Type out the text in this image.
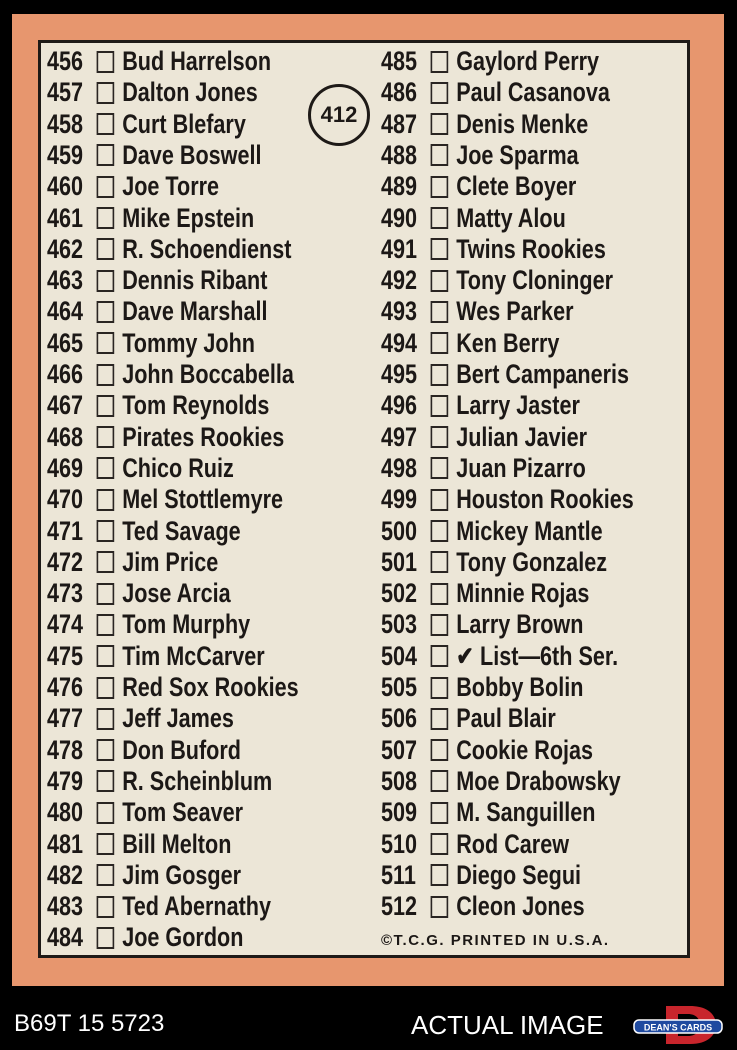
456	Bud Harrelson
457	Dalton Jones
458	Curt Blefary
459	Dave Boswell
460	Joe Torre
461	Mike Epstein
462	R. Schoendienst
463	Dennis Ribant
464	Dave Marshall
465	Tommy John
466	John Boccabella
467	Tom Reynolds
468	Pirates Rookies
469	Chico Ruiz
470	Mel Stottlemyre
471	Ted Savage
472	Jim Price
473	Jose Arcia
474	Tom Murphy
475	Tim McCarver
476	Red Sox Rookies
477	Jeff James
478	Don Buford
479	R. Scheinblum
480	Tom Seaver
481	Bill Melton
482	Jim Gosger
483	Ted Abernathy
484	Joe Gordon
485	Gaylord Perry
486	Paul Casanova
487	Denis Menke
488	Joe Sparma
489	Clete Boyer
490	Matty Alou
491	Twins Rookies
492	Tony Cloninger
493	Wes Parker
494	Ken Berry
495	Bert Campaneris
496	Larry Jaster
497	Julian Javier
498	Juan Pizarro
499	Houston Rookies
500	Mickey Mantle
501	Tony Gonzalez
502	Minnie Rojas
503	Larry Brown
504	✔ List—6th Ser.
505	Bobby Bolin
506	Paul Blair
507	Cookie Rojas
508	Moe Drabowsky
509	M. Sanguillen
510	Rod Carew
511	Diego Segui
512	Cleon Jones
412
©T.C.G. PRINTED IN U.S.A.
B69T 15 5723	ACTUAL IMAGE	DEAN'S CARDS
